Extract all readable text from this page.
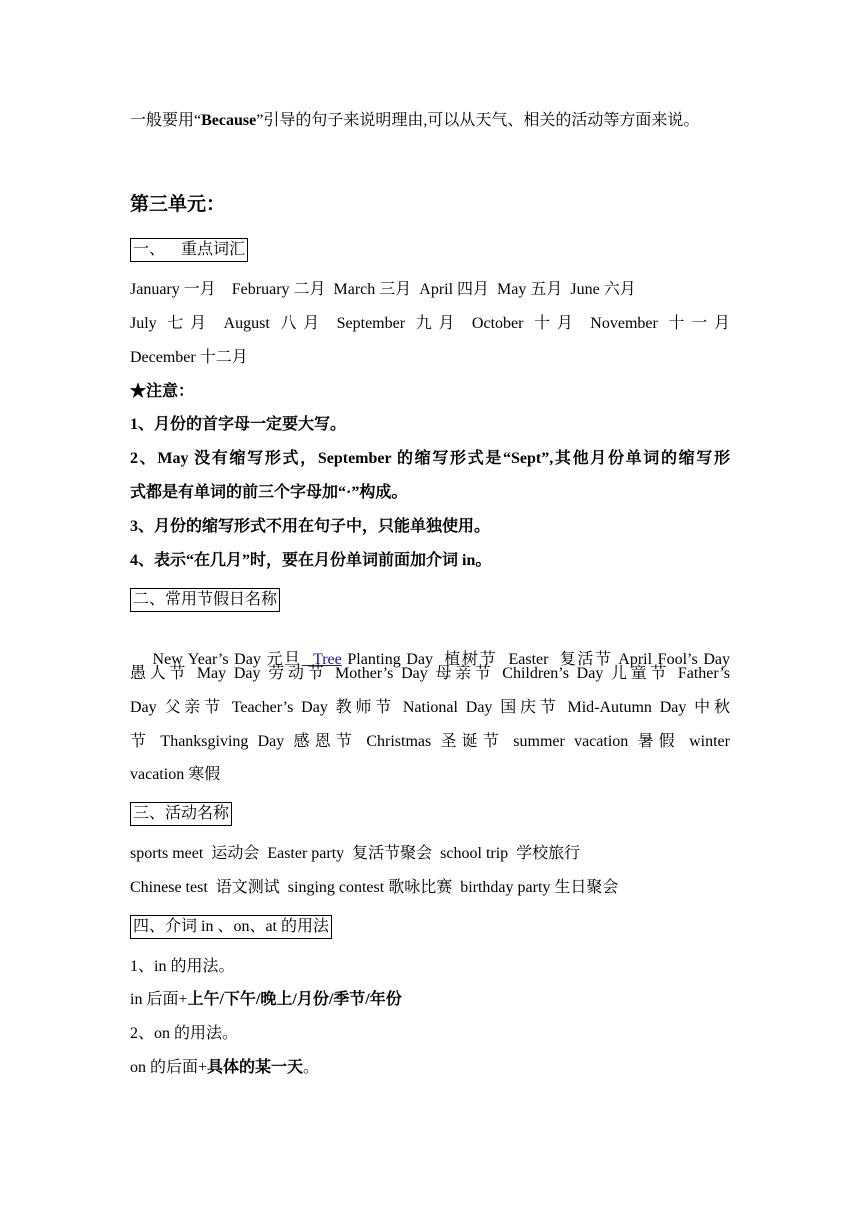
一般要用“Because”引导的句子来说明理由,可以从天气、相关的活动等方面来说。
第三单元：
一、    重点词汇
January 一月    February 二月  March 三月  April 四月  May 五月  June 六月
July 七月 August 八月 September 九月 October 十月 November 十一月
December 十二月
★注意：
1、月份的首字母一定要大写。
2、May 没有缩写形式，September 的缩写形式是“Sept”,其他月份单词的缩写形
式都是有单词的前三个字母加“·”构成。
3、月份的缩写形式不用在句子中，只能单独使用。
4、表示“在几月”时，要在月份单词前面加介词 in。
二、常用节假日名称

New Year’s Day 元旦  Tree Planting Day  植树节  Easter  复活节 April Fool’s Day

愚人节 May Day 劳动节 Mother’s Day 母亲节 Children’s Day 儿童节 Father’s
Day 父亲节 Teacher’s Day 教师节 National Day 国庆节 Mid-Autumn Day 中秋
节 Thanksgiving Day 感恩节 Christmas 圣诞节 summer vacation 暑假 winter
vacation 寒假
三、活动名称
sports meet  运动会  Easter party  复活节聚会  school trip  学校旅行
Chinese test  语文测试  singing contest 歌咏比赛  birthday party 生日聚会
四、介词 in 、on、at 的用法
1、in 的用法。
in 后面+上午/下午/晚上/月份/季节/年份
2、on 的用法。
on 的后面+具体的某一天。
